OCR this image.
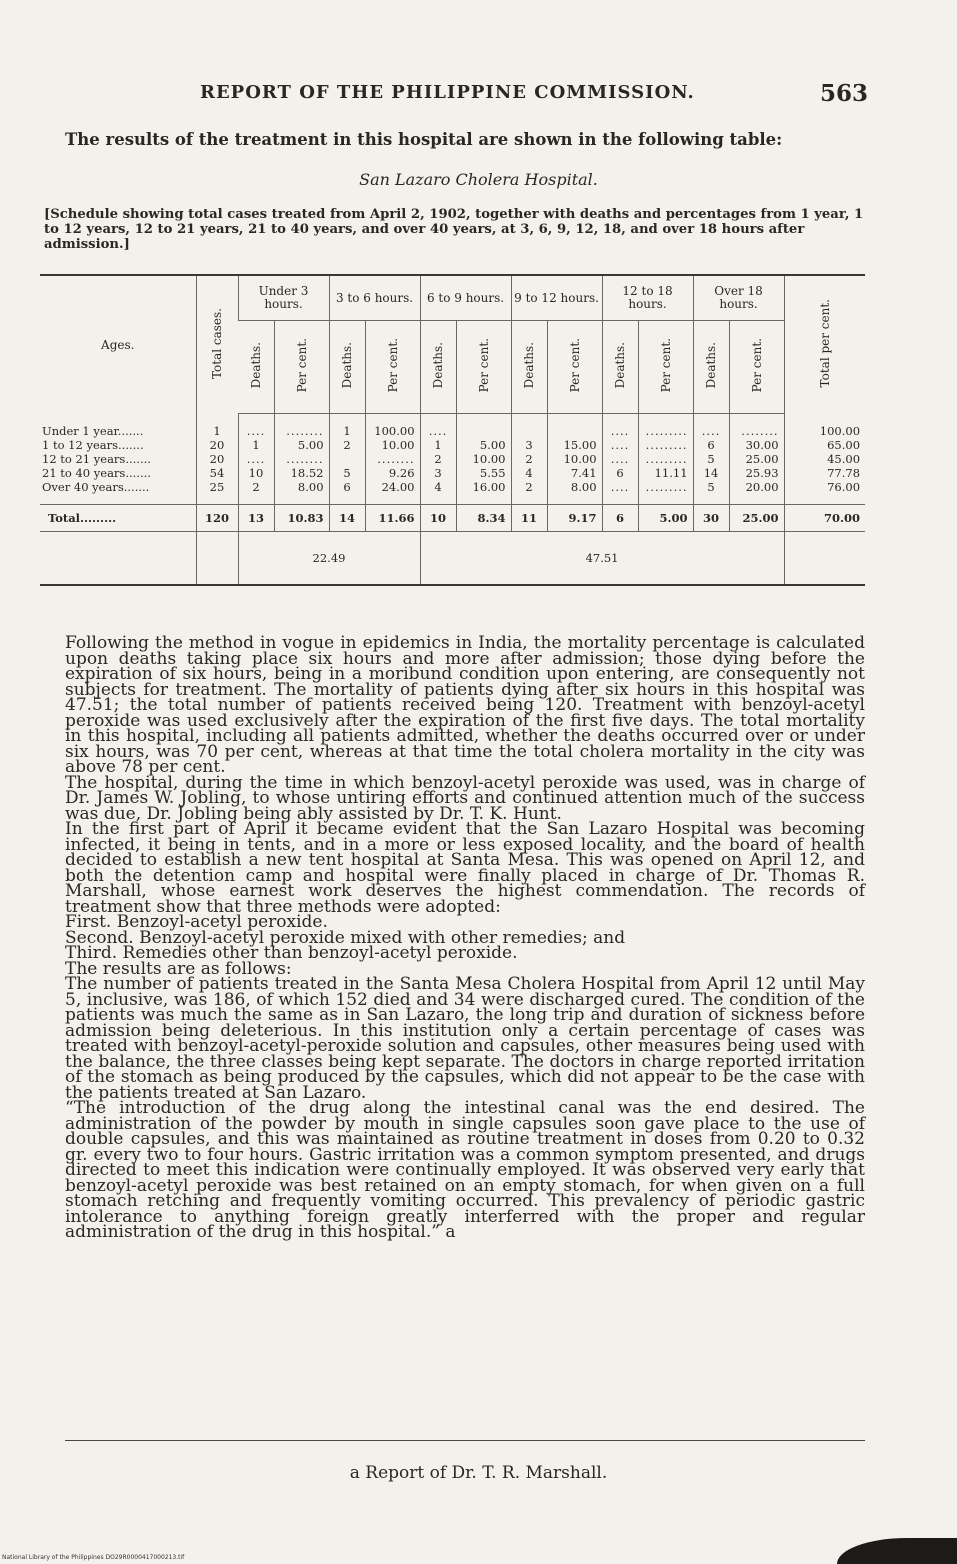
REPORT OF THE PHILIPPINE COMMISSION.	563
The results of the treatment in this hospital are shown in the following table:
San Lazaro Cholera Hospital.
[Schedule showing total cases treated from April 2, 1902, together with deaths and percentages from 1 year, 1 to 12 years, 12 to 21 years, 21 to 40 years, and over 40 years, at 3, 6, 9, 12, 18, and over 18 hours after admission.]
Ages.	Total cases.	Under 3 hours.		3 to 6 hours.		6 to 9 hours.		9 to 12 hours.		12 to 18 hours.		Over 18 hours.		Total per cent.
		Deaths.	Per cent.	Deaths.	Per cent.	Deaths.	Per cent.	Deaths.	Per cent.	Deaths.	Per cent.	Deaths.	Per cent.	
Under 1 year.......	1	....	........	1	100.00	....				....	.........	....	........	100.00
1 to 12 years.......	20	1	5.00	2	10.00	1	5.00	3	15.00	....	.........	6	30.00	65.00
12 to 21 years.......	20	....	........		........	2	10.00	2	10.00	....	.........	5	25.00	45.00
21 to 40 years.......	54	10	18.52	5	9.26	3	5.55	4	7.41	6	11.11	14	25.93	77.78
Over 40 years.......	25	2	8.00	6	24.00	4	16.00	2	8.00	....	.........	5	20.00	76.00
Total.........	120	13	10.83	14	11.66	10	8.34	11	9.17	6	5.00	30	25.00	70.00
		22.49				47.51								

Following the method in vogue in epidemics in India, the mortality percentage is calculated upon deaths taking place six hours and more after admission; those dying before the expiration of six hours, being in a moribund condition upon entering, are consequently not subjects for treatment. The mortality of patients dying after six hours in this hospital was 47.51; the total number of patients received being 120. Treatment with benzoyl-acetyl peroxide was used exclusively after the expiration of the first five days. The total mortality in this hospital, including all patients admitted, whether the deaths occurred over or under six hours, was 70 per cent, whereas at that time the total cholera mortality in the city was above 78 per cent.

The hospital, during the time in which benzoyl-acetyl peroxide was used, was in charge of Dr. James W. Jobling, to whose untiring efforts and continued attention much of the success was due, Dr. Jobling being ably assisted by Dr. T. K. Hunt.

In the first part of April it became evident that the San Lazaro Hospital was becoming infected, it being in tents, and in a more or less exposed locality, and the board of health decided to establish a new tent hospital at Santa Mesa. This was opened on April 12, and both the detention camp and hospital were finally placed in charge of Dr. Thomas R. Marshall, whose earnest work deserves the highest commendation. The records of treatment show that three methods were adopted:

First. Benzoyl-acetyl peroxide.

Second. Benzoyl-acetyl peroxide mixed with other remedies; and

Third. Remedies other than benzoyl-acetyl peroxide.

The results are as follows:

The number of patients treated in the Santa Mesa Cholera Hospital from April 12 until May 5, inclusive, was 186, of which 152 died and 34 were discharged cured. The condition of the patients was much the same as in San Lazaro, the long trip and duration of sickness before admission being deleterious. In this institution only a certain percentage of cases was treated with benzoyl-acetyl-peroxide solution and capsules, other measures being used with the balance, the three classes being kept separate. The doctors in charge reported irritation of the stomach as being produced by the capsules, which did not appear to be the case with the patients treated at San Lazaro.

“The introduction of the drug along the intestinal canal was the end desired. The administration of the powder by mouth in single capsules soon gave place to the use of double capsules, and this was maintained as routine treatment in doses from 0.20 to 0.32 gr. every two to four hours. Gastric irritation was a common symptom presented, and drugs directed to meet this indication were continually employed. It was observed very early that benzoyl-acetyl peroxide was best retained on an empty stomach, for when given on a full stomach retching and frequently vomiting occurred. This prevalency of periodic gastric intolerance to anything foreign greatly interferred with the proper and regular administration of the drug in this hospital.” a

a Report of Dr. T. R. Marshall.
National Library of the Philippines DO29R0000417000213.tif
